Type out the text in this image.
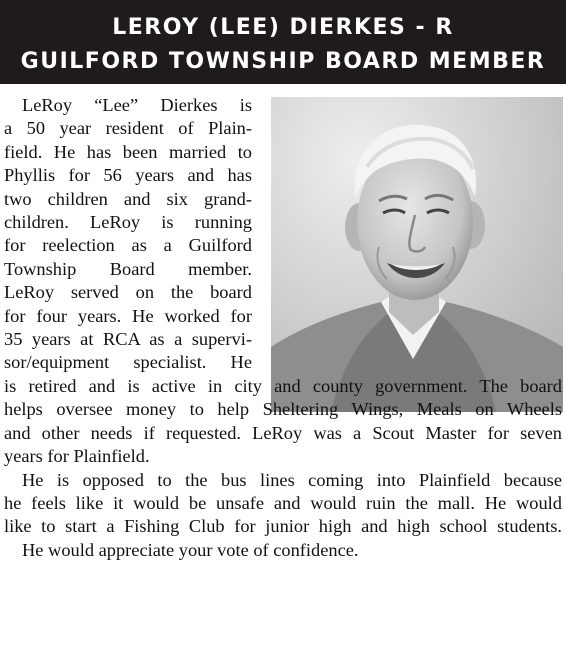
LEROY (LEE) DIERKES - R
GUILFORD TOWNSHIP BOARD MEMBER

LeRoy “Lee” Dierkes is
a 50 year resident of Plain-
field. He has been married to
Phyllis for 56 years and has
two children and six grand-
children. LeRoy is running
for reelection as a Guilford
Township Board member.
LeRoy served on the board
for four years. He worked for
35 years at RCA as a supervi-
sor/equipment specialist. He
is retired and is active in city and county government. The board
helps oversee money to help Sheltering Wings, Meals on Wheels
and other needs if requested. LeRoy was a Scout Master for seven
years for Plainfield.

He is opposed to the bus lines coming into Plainfield because
he feels like it would be unsafe and would ruin the mall. He would
like to start a Fishing Club for junior high and high school students.

He would appreciate your vote of confidence.
